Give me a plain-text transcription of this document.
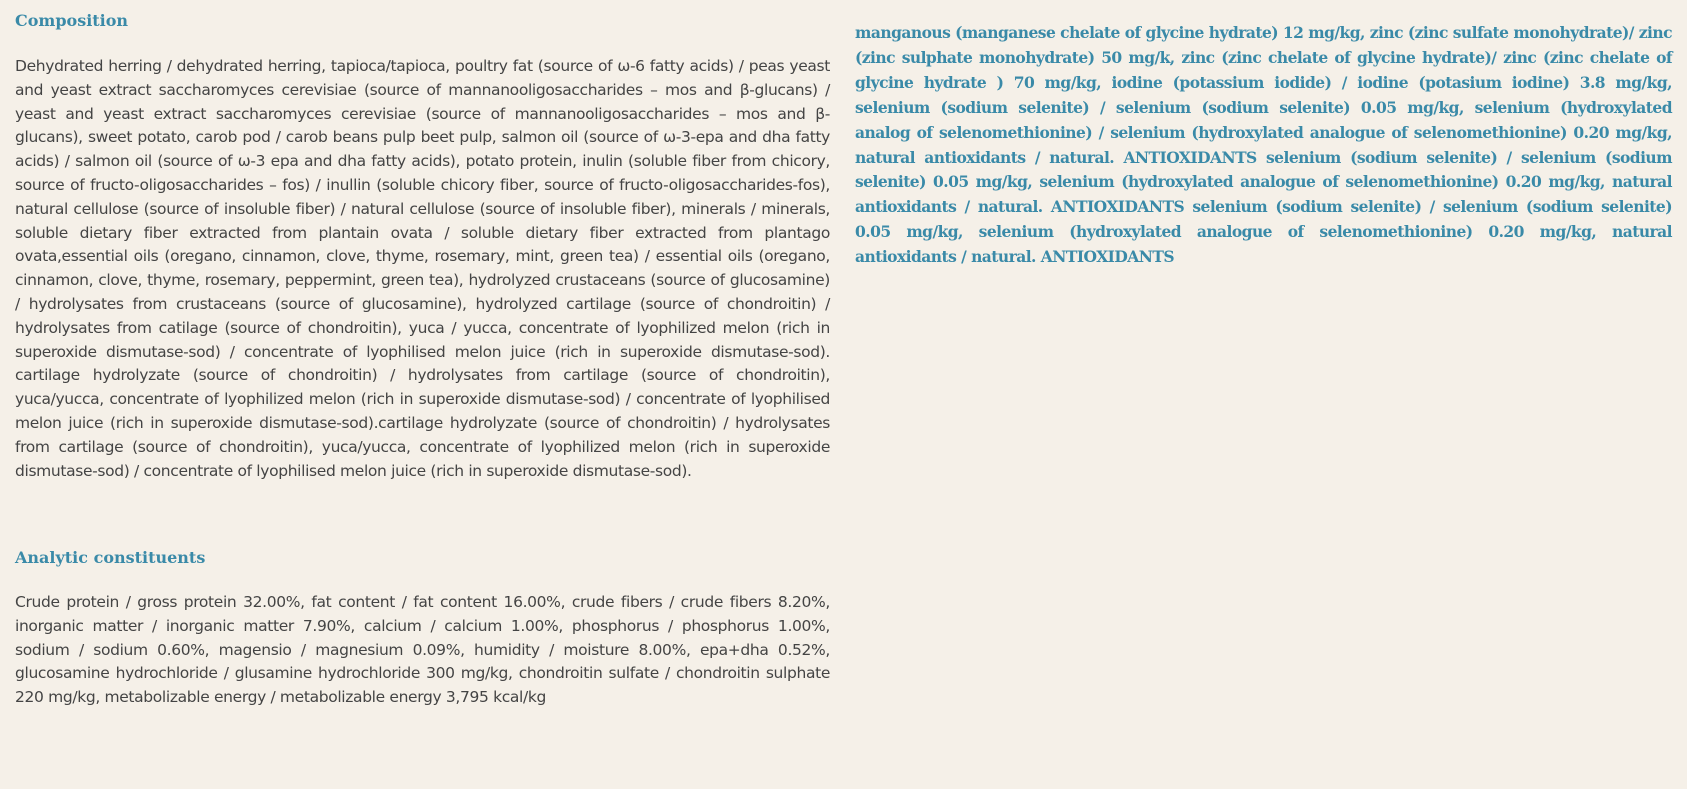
Composition

Dehydrated herring / dehydrated herring, tapioca/tapioca, poultry fat (source of ω-6 fatty acids) / peas yeast and yeast extract saccharomyces cerevisiae (source of mannanooligosaccharides – mos and β-glucans) / yeast and yeast extract saccharomyces cerevisiae (source of mannanooligosaccharides – mos and β-glucans), sweet potato, carob pod / carob beans pulp beet pulp, salmon oil (source of ω-3-epa and dha fatty acids) / salmon oil (source of ω-3 epa and dha fatty acids), potato protein, inulin (soluble fiber from chicory, source of fructo-oligosaccharides – fos) / inullin (soluble chicory fiber, source of fructo-oligosaccharides-fos), natural cellulose (source of insoluble fiber) / natural cellulose (source of insoluble fiber), minerals / minerals, soluble dietary fiber extracted from plantain ovata / soluble dietary fiber extracted from plantago ovata,essential oils (oregano, cinnamon, clove, thyme, rosemary, mint, green tea) / essential oils (oregano, cinnamon, clove, thyme, rosemary, peppermint, green tea), hydrolyzed crustaceans (source of glucosamine) / hydrolysates from crustaceans (source of glucosamine), hydrolyzed cartilage (source of chondroitin) / hydrolysates from catilage (source of chondroitin), yuca / yucca, concentrate of lyophilized melon (rich in superoxide dismutase-sod) / concentrate of lyophilised melon juice (rich in superoxide dismutase-sod). cartilage hydrolyzate (source of chondroitin) / hydrolysates from cartilage (source of chondroitin), yuca/yucca, concentrate of lyophilized melon (rich in superoxide dismutase-sod) / concentrate of lyophilised melon juice (rich in superoxide dismutase-sod).cartilage hydrolyzate (source of chondroitin) / hydrolysates from cartilage (source of chondroitin), yuca/yucca, concentrate of lyophilized melon (rich in superoxide dismutase-sod) / concentrate of lyophilised melon juice (rich in superoxide dismutase-sod).

Analytic constituents

Crude protein / gross protein 32.00%, fat content / fat content 16.00%, crude fibers / crude fibers 8.20%, inorganic matter / inorganic matter 7.90%, calcium / calcium 1.00%, phosphorus / phosphorus 1.00%, sodium / sodium 0.60%, magensio / magnesium 0.09%, humidity / moisture 8.00%, epa+dha 0.52%, glucosamine hydrochloride / glusamine hydrochloride 300 mg/kg, chondroitin sulfate / chondroitin sulphate 220 mg/kg, metabolizable energy / metabolizable energy 3,795 kcal/kg

manganous (manganese chelate of glycine hydrate) 12 mg/kg, zinc (zinc sulfate monohydrate)/ zinc (zinc sulphate monohydrate) 50 mg/k, zinc (zinc chelate of glycine hydrate)/ zinc (zinc chelate of glycine hydrate ) 70 mg/kg, iodine (potassium iodide) / iodine (potasium iodine) 3.8 mg/kg, selenium (sodium selenite) / selenium (sodium selenite) 0.05 mg/kg, selenium (hydroxylated analog of selenomethionine) / selenium (hydroxylated analogue of selenomethionine) 0.20 mg/kg, natural antioxidants / natural. ANTIOXIDANTS selenium (sodium selenite) / selenium (sodium selenite) 0.05 mg/kg, selenium (hydroxylated analogue of selenomethionine) 0.20 mg/kg, natural antioxidants / natural. ANTIOXIDANTS selenium (sodium selenite) / selenium (sodium selenite) 0.05 mg/kg, selenium (hydroxylated analogue of selenomethionine) 0.20 mg/kg, natural antioxidants / natural. ANTIOXIDANTS
